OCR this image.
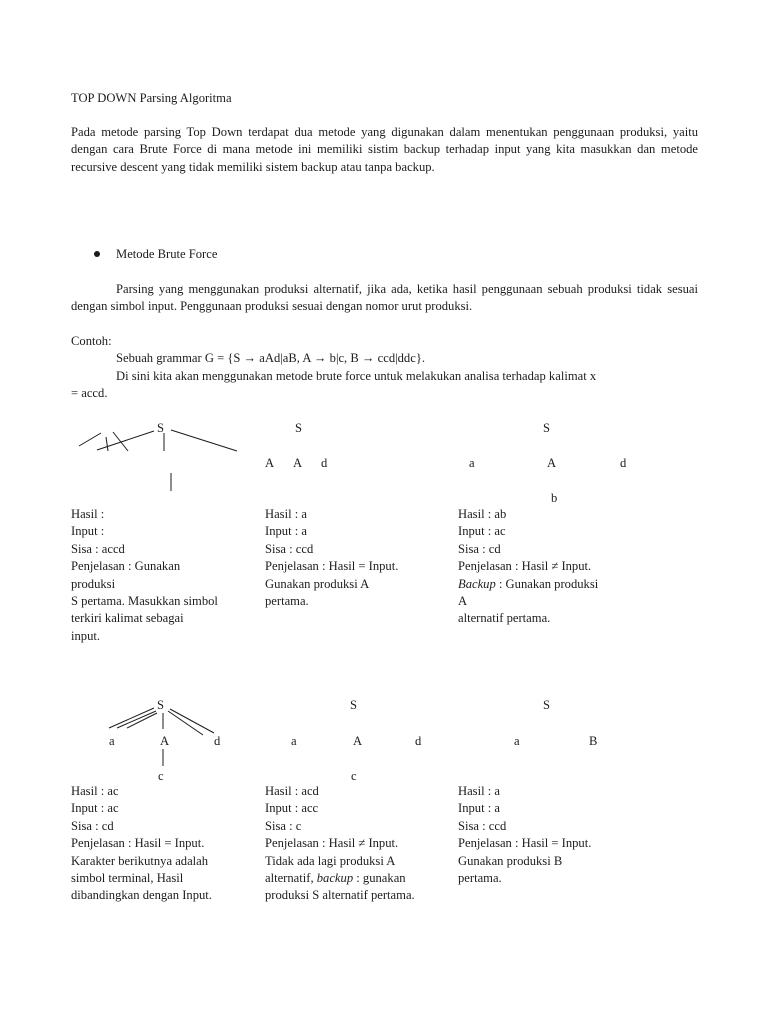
TOP DOWN Parsing Algoritma
Pada metode parsing Top Down terdapat dua metode yang digunakan dalam menentukan penggunaan produksi, yaitu dengan cara Brute Force di mana metode ini memiliki sistim backup terhadap input yang kita masukkan dan metode recursive descent yang tidak memiliki sistem backup atau tanpa backup.
Metode Brute Force
Parsing yang menggunakan produksi alternatif, jika ada, ketika hasil penggunaan sebuah produksi tidak sesuai dengan simbol input. Penggunaan produksi sesuai dengan nomor urut produksi.
Contoh:
Sebuah grammar G = {S → aAd|aB, A → b|c, B → ccd|ddc}.
Di sini kita akan menggunakan metode brute force untuk melakukan analisa terhadap kalimat x
= accd.
S	S
A A d
S
a	A	d
b
Hasil :
Input :
Sisa : accd
Penjelasan : Gunakan
produksi
S pertama. Masukkan simbol
terkiri kalimat sebagai
input.
Hasil : a
Input : a
Sisa : ccd
Penjelasan : Hasil = Input.
Gunakan produksi A
pertama.
Hasil : ab
Input : ac
Sisa : cd
Penjelasan : Hasil ≠ Input.
Backup : Gunakan produksi
A
alternatif pertama.
S
a	A	d
c
S
a	A	d
c
S
a	B
Hasil : ac
Input : ac
Sisa : cd
Penjelasan : Hasil = Input.
Karakter berikutnya adalah
simbol terminal, Hasil
dibandingkan dengan Input.
Hasil : acd
Input : acc
Sisa : c
Penjelasan : Hasil ≠ Input.
Tidak ada lagi produksi A
alternatif, backup : gunakan
produksi S alternatif pertama.
Hasil : a
Input : a
Sisa : ccd
Penjelasan : Hasil = Input.
Gunakan produksi B
pertama.
